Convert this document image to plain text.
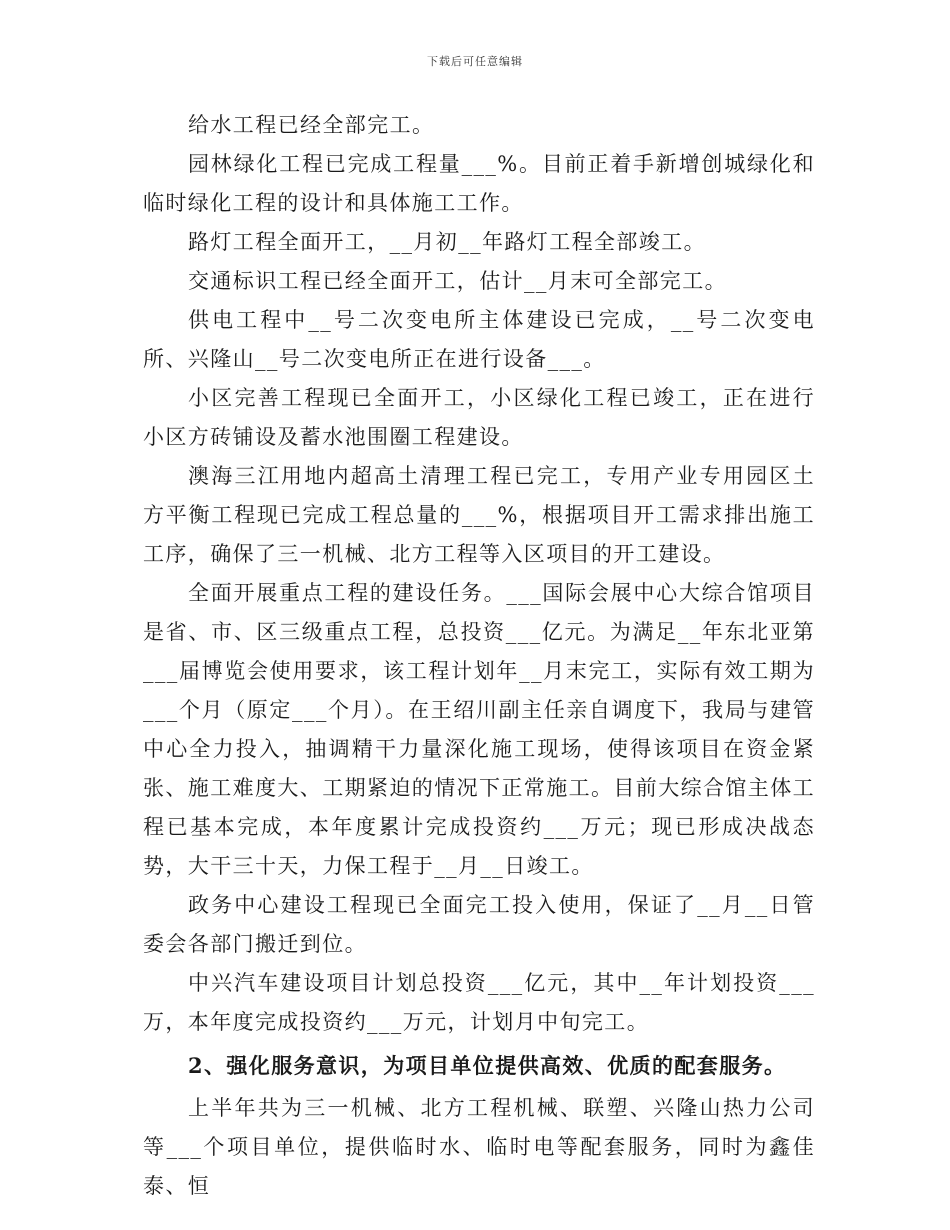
下载后可任意编辑

给水工程已经全部完工。

园林绿化工程已完成工程量___%。目前正着手新增创城绿化和临时绿化工程的设计和具体施工工作。

路灯工程全面开工，__月初__年路灯工程全部竣工。

交通标识工程已经全面开工，估计__月末可全部完工。

供电工程中__号二次变电所主体建设已完成，__号二次变电所、兴隆山__号二次变电所正在进行设备___。

小区完善工程现已全面开工，小区绿化工程已竣工，正在进行小区方砖铺设及蓄水池围圈工程建设。

澳海三江用地内超高土清理工程已完工，专用产业专用园区土方平衡工程现已完成工程总量的___%，根据项目开工需求排出施工工序，确保了三一机械、北方工程等入区项目的开工建设。

全面开展重点工程的建设任务。___国际会展中心大综合馆项目是省、市、区三级重点工程，总投资___亿元。为满足__年东北亚第___届博览会使用要求，该工程计划年__月末完工，实际有效工期为___个月（原定___个月）。在王绍川副主任亲自调度下，我局与建管中心全力投入，抽调精干力量深化施工现场，使得该项目在资金紧张、施工难度大、工期紧迫的情况下正常施工。目前大综合馆主体工程已基本完成，本年度累计完成投资约___万元；现已形成决战态势，大干三十天，力保工程于__月__日竣工。

政务中心建设工程现已全面完工投入使用，保证了__月__日管委会各部门搬迁到位。

中兴汽车建设项目计划总投资___亿元，其中__年计划投资___万，本年度完成投资约___万元，计划月中旬完工。

2、强化服务意识，为项目单位提供高效、优质的配套服务。

上半年共为三一机械、北方工程机械、联塑、兴隆山热力公司等___个项目单位，提供临时水、临时电等配套服务，同时为鑫佳泰、恒
